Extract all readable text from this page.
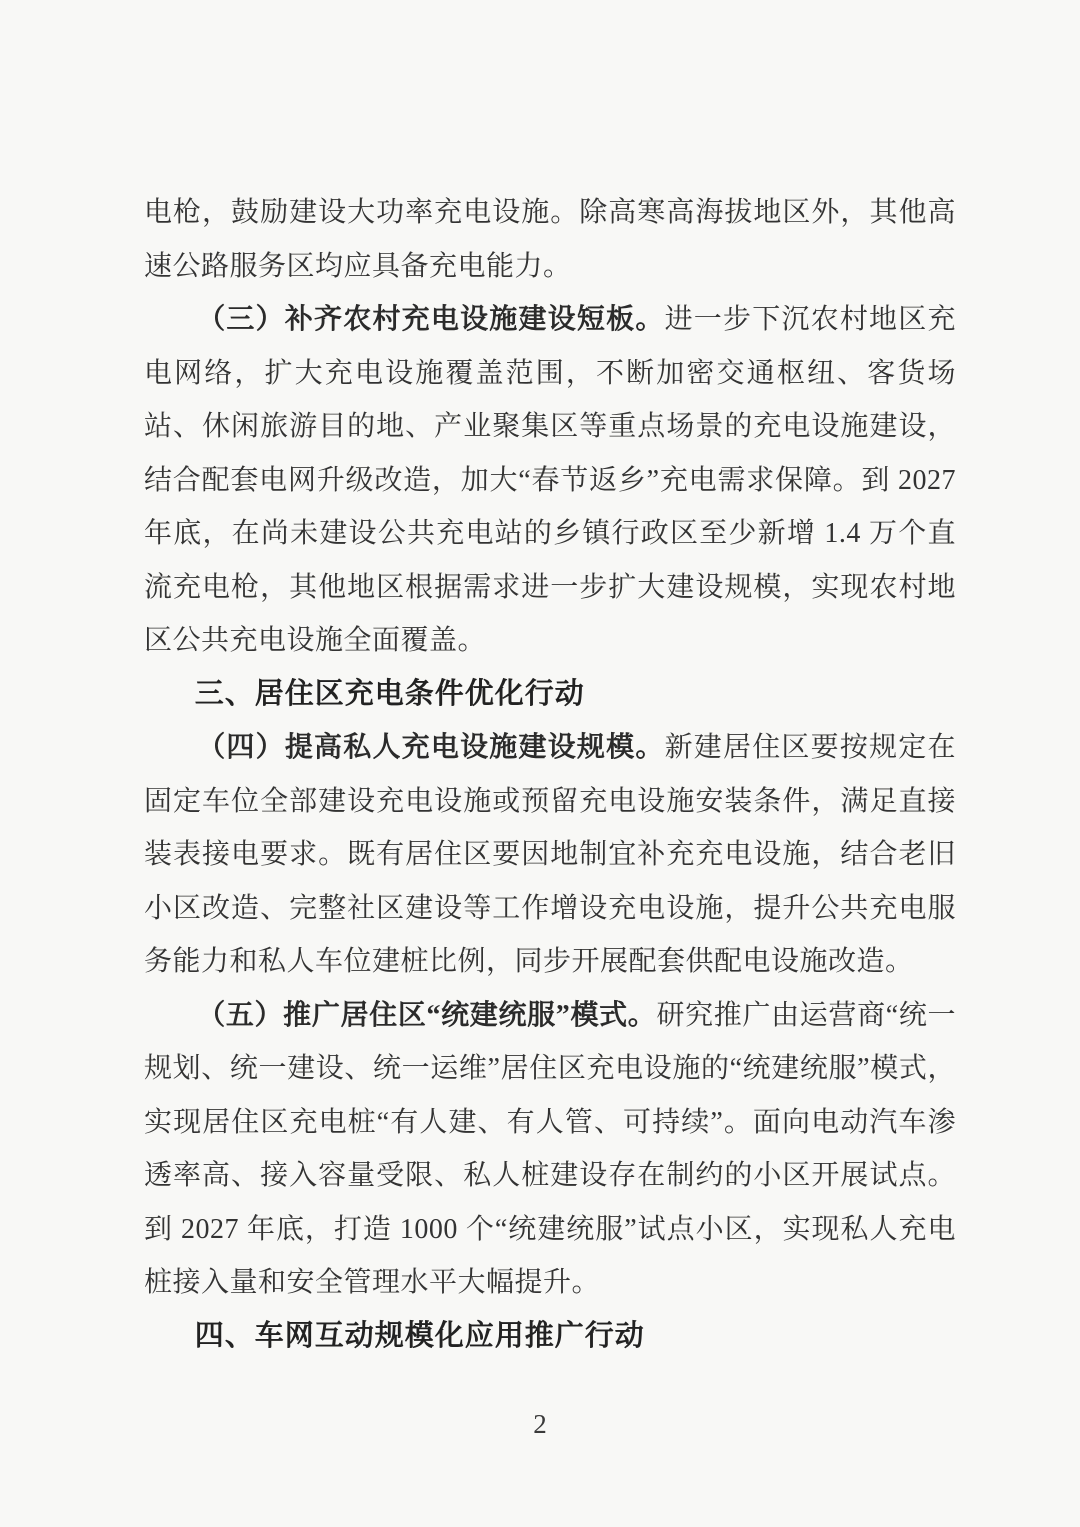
电枪，鼓励建设大功率充电设施。除高寒高海拔地区外，其他高速公路服务区均应具备充电能力。

（三）补齐农村充电设施建设短板。进一步下沉农村地区充电网络，扩大充电设施覆盖范围，不断加密交通枢纽、客货场站、休闲旅游目的地、产业聚集区等重点场景的充电设施建设，结合配套电网升级改造，加大“春节返乡”充电需求保障。到 2027 年底，在尚未建设公共充电站的乡镇行政区至少新增 1.4 万个直流充电枪，其他地区根据需求进一步扩大建设规模，实现农村地区公共充电设施全面覆盖。

三、居住区充电条件优化行动

（四）提高私人充电设施建设规模。新建居住区要按规定在固定车位全部建设充电设施或预留充电设施安装条件，满足直接装表接电要求。既有居住区要因地制宜补充充电设施，结合老旧小区改造、完整社区建设等工作增设充电设施，提升公共充电服务能力和私人车位建桩比例，同步开展配套供配电设施改造。

（五）推广居住区“统建统服”模式。研究推广由运营商“统一规划、统一建设、统一运维”居住区充电设施的“统建统服”模式，实现居住区充电桩“有人建、有人管、可持续”。面向电动汽车渗透率高、接入容量受限、私人桩建设存在制约的小区开展试点。到 2027 年底，打造 1000 个“统建统服”试点小区，实现私人充电桩接入量和安全管理水平大幅提升。

四、车网互动规模化应用推广行动
2
